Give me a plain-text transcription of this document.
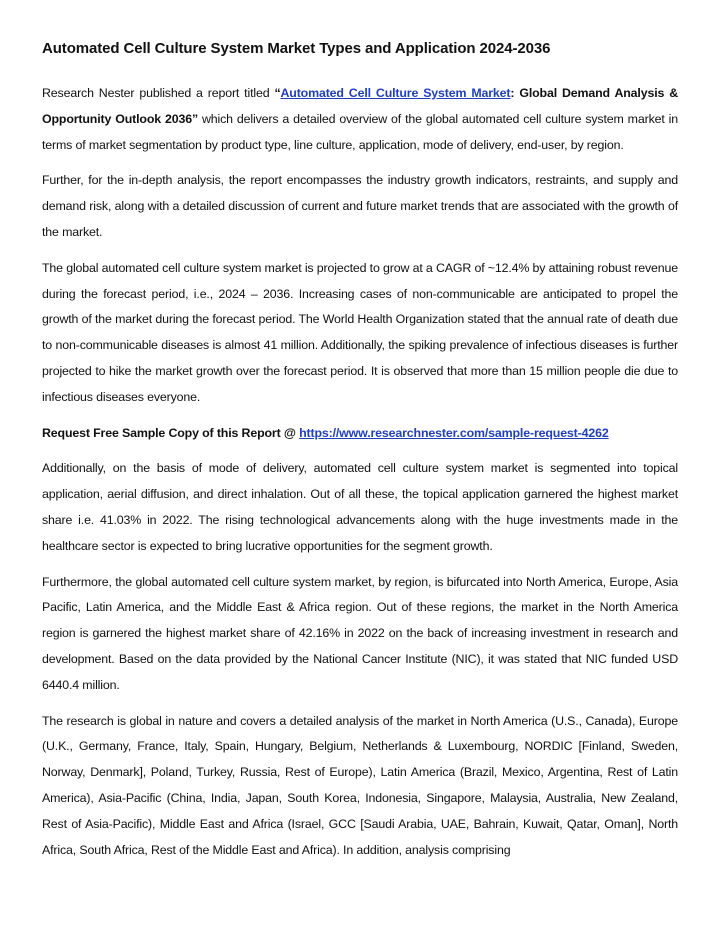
Automated Cell Culture System Market Types and Application 2024-2036

Research Nester published a report titled “Automated Cell Culture System Market: Global Demand Analysis & Opportunity Outlook 2036” which delivers a detailed overview of the global automated cell culture system market in terms of market segmentation by product type, line culture, application, mode of delivery, end-user, by region.

Further, for the in-depth analysis, the report encompasses the industry growth indicators, restraints, and supply and demand risk, along with a detailed discussion of current and future market trends that are associated with the growth of the market.

The global automated cell culture system market is projected to grow at a CAGR of ~12.4% by attaining robust revenue during the forecast period, i.e., 2024 – 2036. Increasing cases of non-communicable are anticipated to propel the growth of the market during the forecast period. The World Health Organization stated that the annual rate of death due to non-communicable diseases is almost 41 million. Additionally, the spiking prevalence of infectious diseases is further projected to hike the market growth over the forecast period. It is observed that more than 15 million people die due to infectious diseases everyone.

Request Free Sample Copy of this Report @ https://www.researchnester.com/sample-request-4262

Additionally, on the basis of mode of delivery, automated cell culture system market is segmented into topical application, aerial diffusion, and direct inhalation. Out of all these, the topical application garnered the highest market share i.e. 41.03% in 2022. The rising technological advancements along with the huge investments made in the healthcare sector is expected to bring lucrative opportunities for the segment growth.

Furthermore, the global automated cell culture system market, by region, is bifurcated into North America, Europe, Asia Pacific, Latin America, and the Middle East & Africa region. Out of these regions, the market in the North America region is garnered the highest market share of 42.16% in 2022 on the back of increasing investment in research and development. Based on the data provided by the National Cancer Institute (NIC), it was stated that NIC funded USD 6440.4 million.

The research is global in nature and covers a detailed analysis of the market in North America (U.S., Canada), Europe (U.K., Germany, France, Italy, Spain, Hungary, Belgium, Netherlands & Luxembourg, NORDIC [Finland, Sweden, Norway, Denmark], Poland, Turkey, Russia, Rest of Europe), Latin America (Brazil, Mexico, Argentina, Rest of Latin America), Asia-Pacific (China, India, Japan, South Korea, Indonesia, Singapore, Malaysia, Australia, New Zealand, Rest of Asia-Pacific), Middle East and Africa (Israel, GCC [Saudi Arabia, UAE, Bahrain, Kuwait, Qatar, Oman], North Africa, South Africa, Rest of the Middle East and Africa). In addition, analysis comprising
